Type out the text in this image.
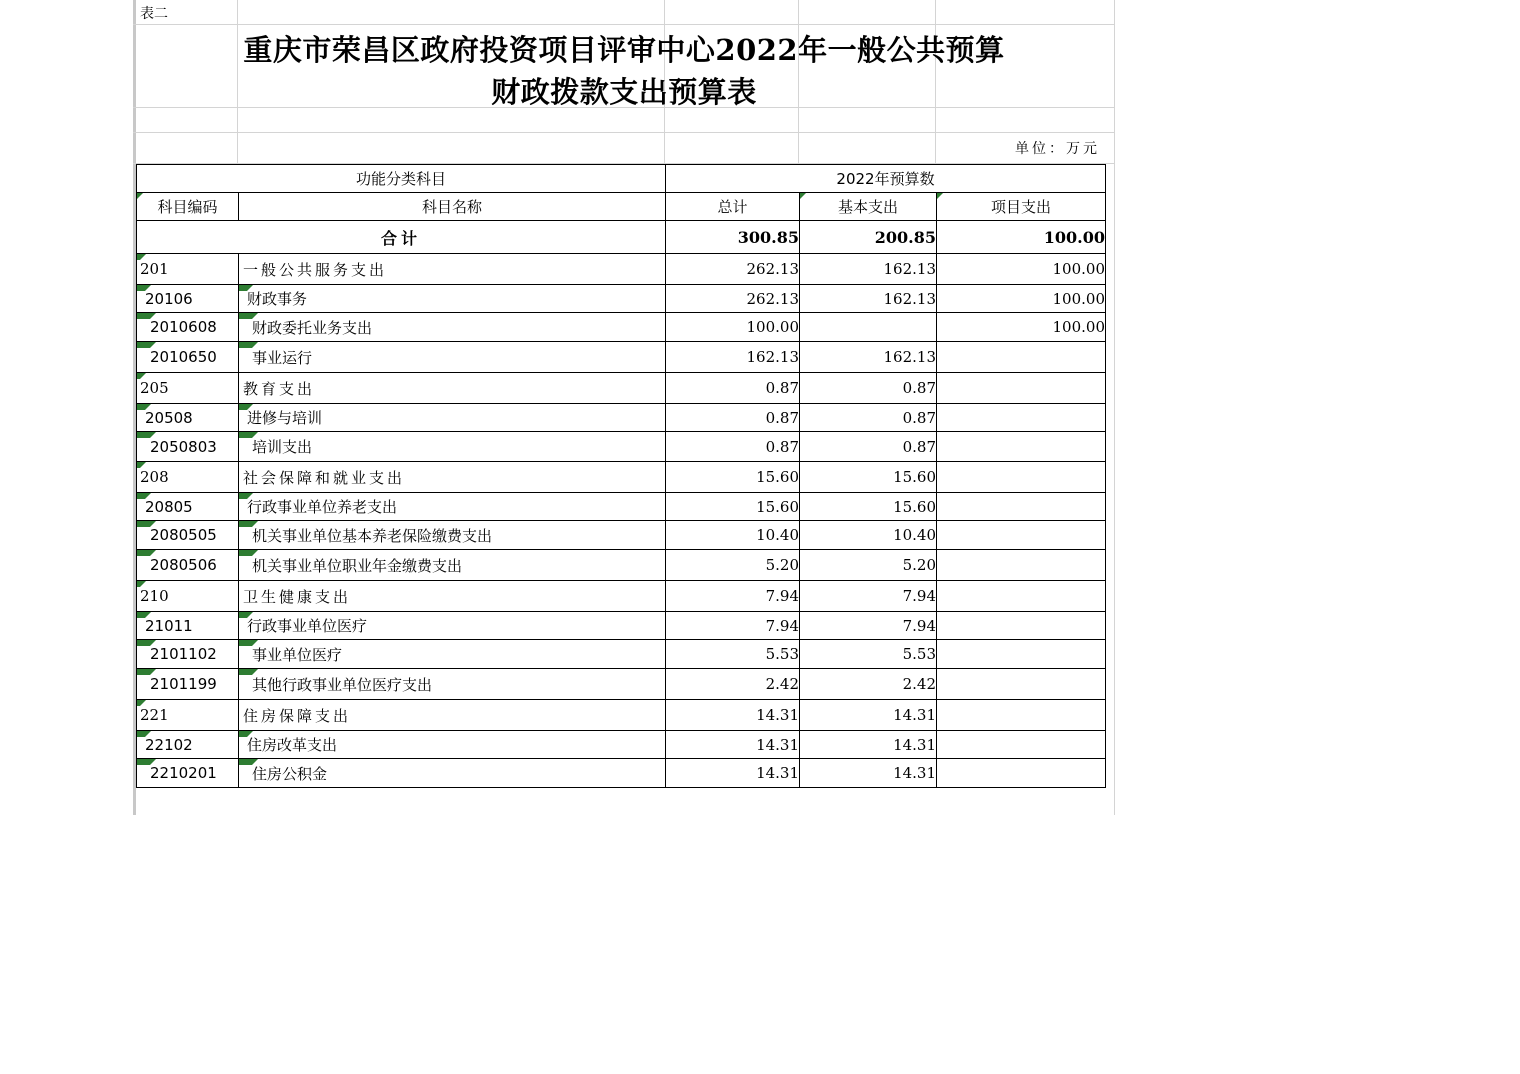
表二
重庆市荣昌区政府投资项目评审中心2022年一般公共预算
财政拨款支出预算表
单位：万元
功能分类科目		2022年预算数		

科目编码	科目名称	总计	基本支出	项目支出
合计		300.85	200.85	100.00

201	一般公共服务支出	262.13	162.13	100.00

20106	财政事务	262.13	162.13	100.00

2010608	财政委托业务支出	100.00		100.00

2010650	事业运行	162.13	162.13	

205	教育支出	0.87	0.87	

20508	进修与培训	0.87	0.87	

2050803	培训支出	0.87	0.87	

208	社会保障和就业支出	15.60	15.60	

20805	行政事业单位养老支出	15.60	15.60	

2080505	机关事业单位基本养老保险缴费支出	10.40	10.40	

2080506	机关事业单位职业年金缴费支出	5.20	5.20	

210	卫生健康支出	7.94	7.94	

21011	行政事业单位医疗	7.94	7.94	

2101102	事业单位医疗	5.53	5.53	

2101199	其他行政事业单位医疗支出	2.42	2.42	

221	住房保障支出	14.31	14.31	

22102	住房改革支出	14.31	14.31	

2210201	住房公积金	14.31	14.31	
